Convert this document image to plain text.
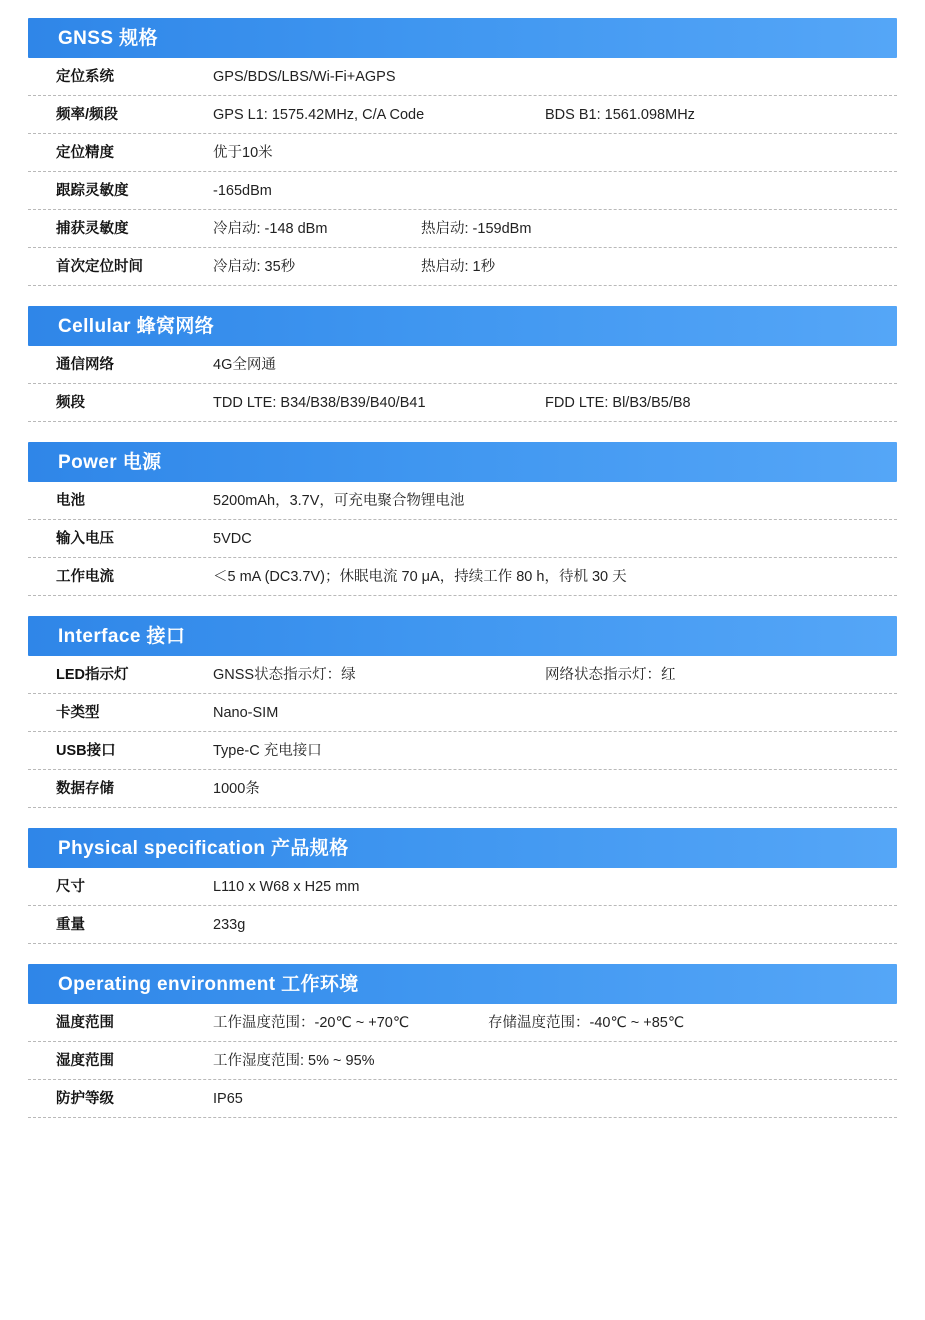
GNSS 规格
定位系统	GPS/BDS/LBS/Wi-Fi+AGPS
频率/频段	GPS L1: 1575.42MHz, C/A Code	BDS B1: 1561.098MHz
定位精度	优于10米
跟踪灵敏度	-165dBm
捕获灵敏度	冷启动: -148 dBm	热启动: -159dBm
首次定位时间	冷启动: 35秒	热启动: 1秒
Cellular 蜂窝网络
通信网络	4G全网通
频段	TDD LTE: B34/B38/B39/B40/B41	FDD LTE: Bl/B3/B5/B8
Power 电源
电池	5200mAh，3.7V，可充电聚合物锂电池
输入电压	5VDC
工作电流	＜5 mA (DC3.7V)；休眠电流 70 μA，持续工作 80 h，待机 30 天
Interface 接口
LED指示灯	GNSS状态指示灯：绿	网络状态指示灯：红
卡类型	Nano-SIM
USB接口	Type-C 充电接口
数据存储	1000条
Physical specification 产品规格
尺寸	L110 x W68 x H25 mm
重量	233g
Operating environment 工作环境
温度范围	工作温度范围：-20℃ ~ +70℃	存储温度范围：-40℃ ~ +85℃
湿度范围	工作湿度范围: 5% ~ 95%
防护等级	IP65
